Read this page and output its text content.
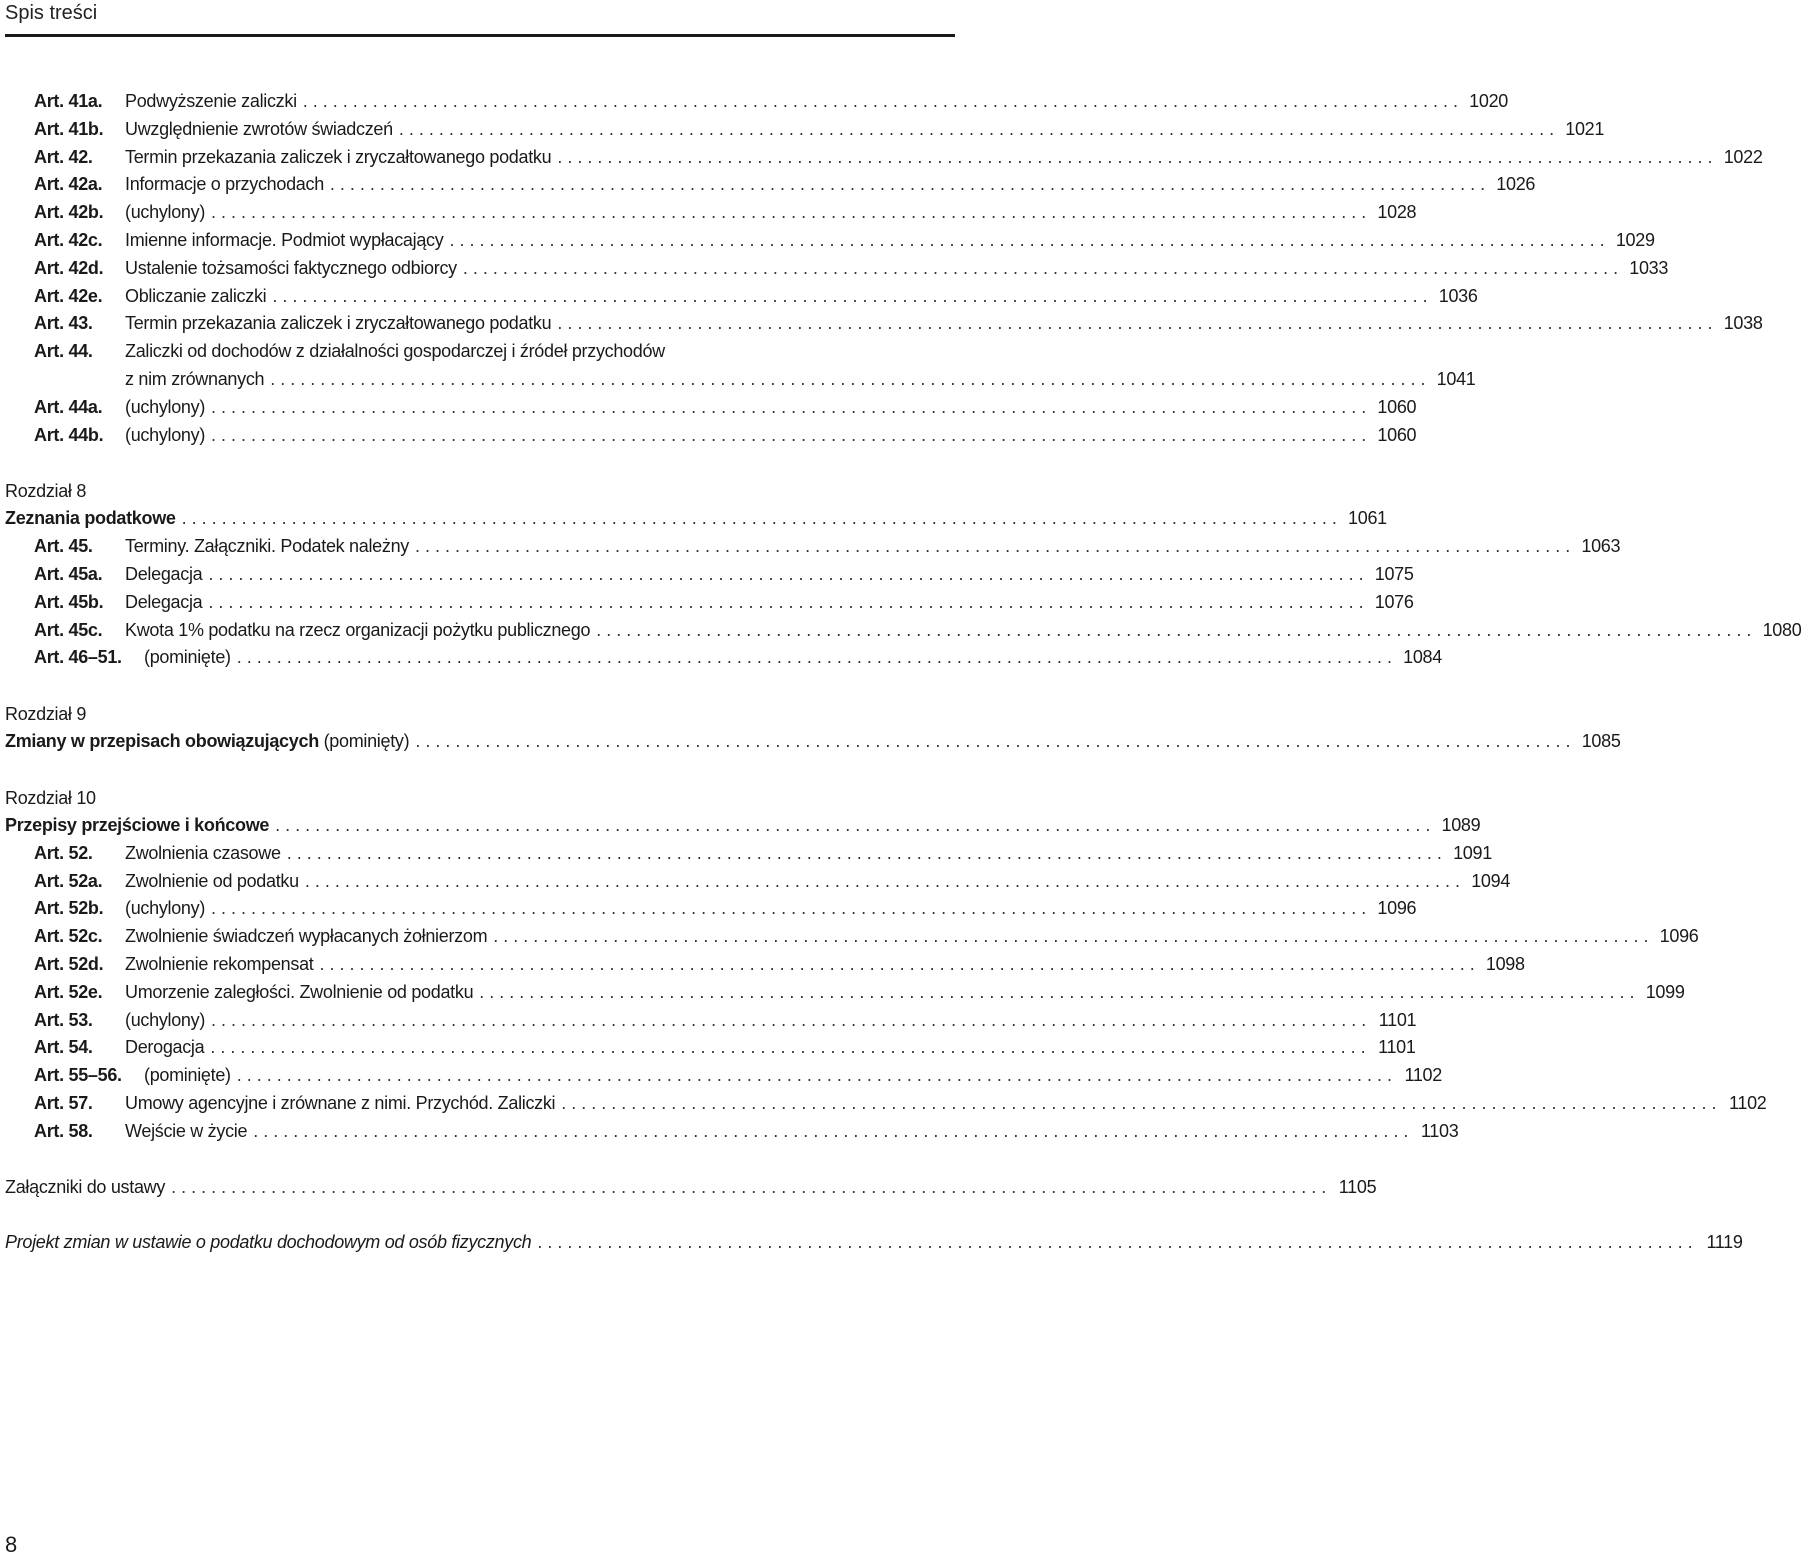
Spis treści
Art. 41a.	Podwyższenie zaliczki . . .	1020
Art. 41b.	Uwzględnienie zwrotów świadczeń . . .	1021
Art. 42.	Termin przekazania zaliczek i zryczałtowanego podatku . . .	1022
Art. 42a.	Informacje o przychodach . . .	1026
Art. 42b.	(uchylony) . . .	1028
Art. 42c.	Imienne informacje. Podmiot wypłacający . . .	1029
Art. 42d.	Ustalenie tożsamości faktycznego odbiorcy . . .	1033
Art. 42e.	Obliczanie zaliczki . . .	1036
Art. 43.	Termin przekazania zaliczek i zryczałtowanego podatku . . .	1038
Art. 44.	Zaliczki od dochodów z działalności gospodarczej i źródeł przychodów
z nim zrównanych . . .	1041
Art. 44a.	(uchylony) . . .	1060
Art. 44b.	(uchylony) . . .	1060
Rozdział 8
Zeznania podatkowe . . .	1061
Art. 45.	Terminy. Załączniki. Podatek należny . . .	1063
Art. 45a.	Delegacja . . .	1075
Art. 45b.	Delegacja . . .	1076
Art. 45c.	Kwota 1% podatku na rzecz organizacji pożytku publicznego . . .	1080
Art. 46–51.	(pominięte) . . .	1084
Rozdział 9
Zmiany w przepisach obowiązujących (pominięty) . . .	1085
Rozdział 10
Przepisy przejściowe i końcowe . . .	1089
Art. 52.	Zwolnienia czasowe . . .	1091
Art. 52a.	Zwolnienie od podatku . . .	1094
Art. 52b.	(uchylony) . . .	1096
Art. 52c.	Zwolnienie świadczeń wypłacanych żołnierzom . . .	1096
Art. 52d.	Zwolnienie rekompensat . . .	1098
Art. 52e.	Umorzenie zaległości. Zwolnienie od podatku . . .	1099
Art. 53.	(uchylony) . . .	1101
Art. 54.	Derogacja . . .	1101
Art. 55–56.	(pominięte) . . .	1102
Art. 57.	Umowy agencyjne i zrównane z nimi. Przychód. Zaliczki . . .	1102
Art. 58.	Wejście w życie . . .	1103
Załączniki do ustawy . . .	1105
Projekt zmian w ustawie o podatku dochodowym od osób fizycznych . . .	1119
8
